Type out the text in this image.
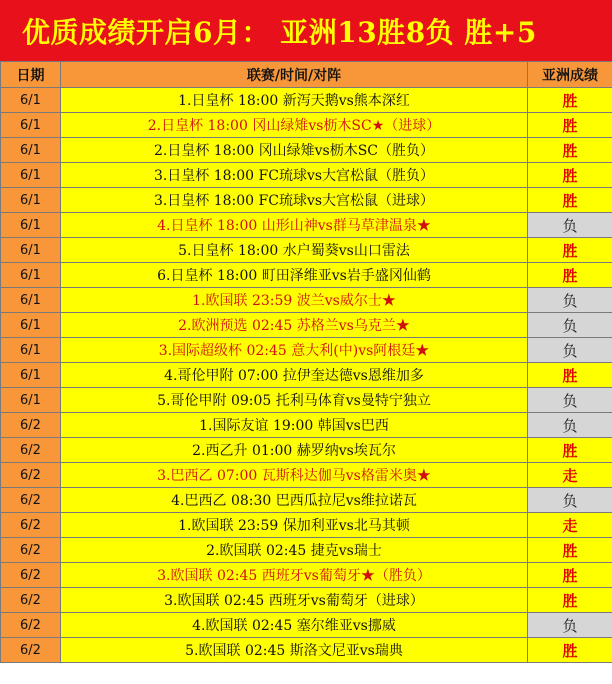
优质成绩开启6月： 亚洲13胜8负 胜+5
日期	联赛/时间/对阵	亚洲成绩
6/1	1.日皇杯 18:00 新泻天鹅vs熊本深红	胜
6/1	2.日皇杯 18:00 冈山绿雉vs枥木SC★（进球）	胜
6/1	2.日皇杯 18:00 冈山绿雉vs枥木SC（胜负）	胜
6/1	3.日皇杯 18:00 FC琉球vs大宫松鼠（胜负）	胜
6/1	3.日皇杯 18:00 FC琉球vs大宫松鼠（进球）	胜
6/1	4.日皇杯 18:00 山形山神vs群马草津温泉★	负
6/1	5.日皇杯 18:00 水户蜀葵vs山口雷法	胜
6/1	6.日皇杯 18:00 町田泽维亚vs岩手盛冈仙鹤	胜
6/1	1.欧国联 23:59 波兰vs威尔士★	负
6/1	2.欧洲预选 02:45 苏格兰vs乌克兰★	负
6/1	3.国际超级杯 02:45 意大利(中)vs阿根廷★	负
6/1	4.哥伦甲附 07:00 拉伊奎达德vs恩维加多	胜
6/1	5.哥伦甲附 09:05 托利马体育vs曼特宁独立	负
6/2	1.国际友谊 19:00 韩国vs巴西	负
6/2	2.西乙升 01:00 赫罗纳vs埃瓦尔	胜
6/2	3.巴西乙 07:00 瓦斯科达伽马vs格雷米奥★	走
6/2	4.巴西乙 08:30 巴西瓜拉尼vs维拉诺瓦	负
6/2	1.欧国联 23:59 保加利亚vs北马其顿	走
6/2	2.欧国联 02:45 捷克vs瑞士	胜
6/2	3.欧国联 02:45 西班牙vs葡萄牙★（胜负）	胜
6/2	3.欧国联 02:45 西班牙vs葡萄牙（进球）	胜
6/2	4.欧国联 02:45 塞尔维亚vs挪威	负
6/2	5.欧国联 02:45 斯洛文尼亚vs瑞典	胜
